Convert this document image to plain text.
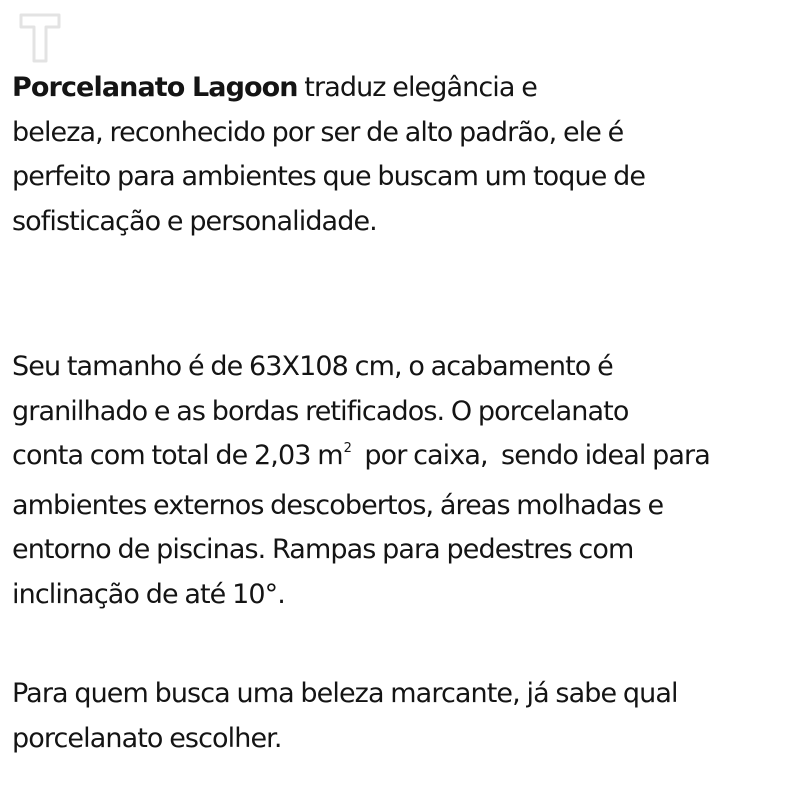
Porcelanato Lagoon traduz elegância e
beleza, reconhecido por ser de alto padrão, ele é
perfeito para ambientes que buscam um toque de
sofisticação e personalidade.
Seu tamanho é de 63X108 cm, o acabamento é
granilhado e as bordas retificados. O porcelanato
conta com total de 2,03 $m^2$  por caixa,  sendo ideal para
ambientes externos descobertos, áreas molhadas e
entorno de piscinas. Rampas para pedestres com
inclinação de até 10°.
Para quem busca uma beleza marcante, já sabe qual
porcelanato escolher.
